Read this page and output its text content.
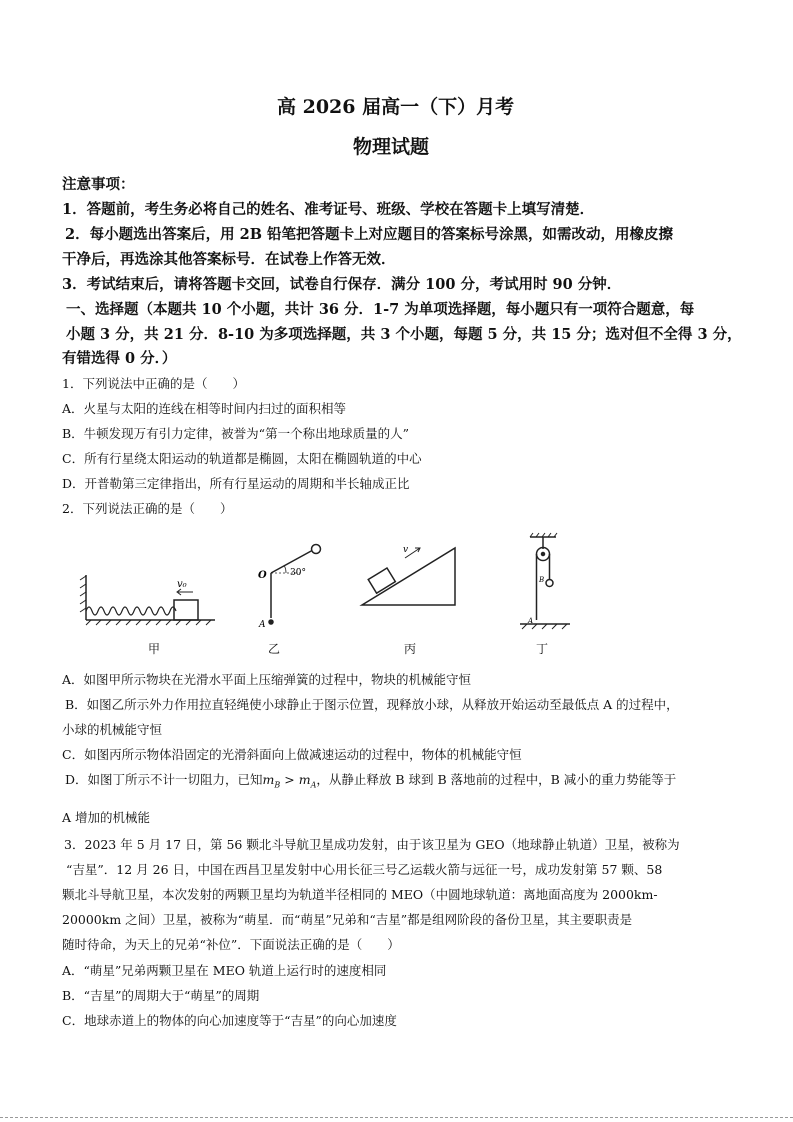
高 2026 届高一（下）月考
物理试题
注意事项：
1．答题前，考生务必将自己的姓名、准考证号、班级、学校在答题卡上填写清楚．
2．每小题选出答案后，用 2B 铅笔把答题卡上对应题目的答案标号涂黑，如需改动，用橡皮擦
干净后，再选涂其他答案标号．在试卷上作答无效．
3．考试结束后，请将答题卡交回，试卷自行保存．满分 100 分，考试用时 90 分钟．
一、选择题（本题共 10 个小题，共计 36 分．1-7 为单项选择题，每小题只有一项符合题意，每
小题 3 分，共 21 分．8-10 为多项选择题，共 3 个小题，每题 5 分，共 15 分；选对但不全得 3 分，
有错选得 0 分．）
1．下列说法中正确的是（　　）
A．火星与太阳的连线在相等时间内扫过的面积相等
B．牛顿发现万有引力定律，被誉为“第一个称出地球质量的人”
C．所有行星绕太阳运动的轨道都是椭圆，太阳在椭圆轨道的中心
D．开普勒第三定律指出，所有行星运动的周期和半长轴成正比
2．下列说法正确的是（　　）
v₀
O	30°
A
v
B
A
甲	乙	丙	丁
A．如图甲所示物块在光滑水平面上压缩弹簧的过程中，物块的机械能守恒
B．如图乙所示外力作用拉直轻绳使小球静止于图示位置，现释放小球，从释放开始运动至最低点 A 的过程中，
小球的机械能守恒
C．如图丙所示物体沿固定的光滑斜面向上做减速运动的过程中，物体的机械能守恒
D．如图丁所示不计一切阻力，已知$m_B > m_A$，从静止释放 B 球到 B 落地前的过程中，B 减小的重力势能等于
A 增加的机械能
3．2023 年 5 月 17 日，第 56 颗北斗导航卫星成功发射，由于该卫星为 GEO（地球静止轨道）卫星，被称为
“吉星”．12 月 26 日，中国在西昌卫星发射中心用长征三号乙运载火箭与远征一号，成功发射第 57 颗、58
颗北斗导航卫星，本次发射的两颗卫星均为轨道半径相同的 MEO（中圆地球轨道：离地面高度为 2000km-
20000km 之间）卫星，被称为“萌星．而“萌星”兄弟和“吉星”都是组网阶段的备份卫星，其主要职责是
随时待命，为天上的兄弟“补位”．下面说法正确的是（　　）
A．“萌星”兄弟两颗卫星在 MEO 轨道上运行时的速度相同
B．“吉星”的周期大于“萌星”的周期
C．地球赤道上的物体的向心加速度等于“吉星”的向心加速度
